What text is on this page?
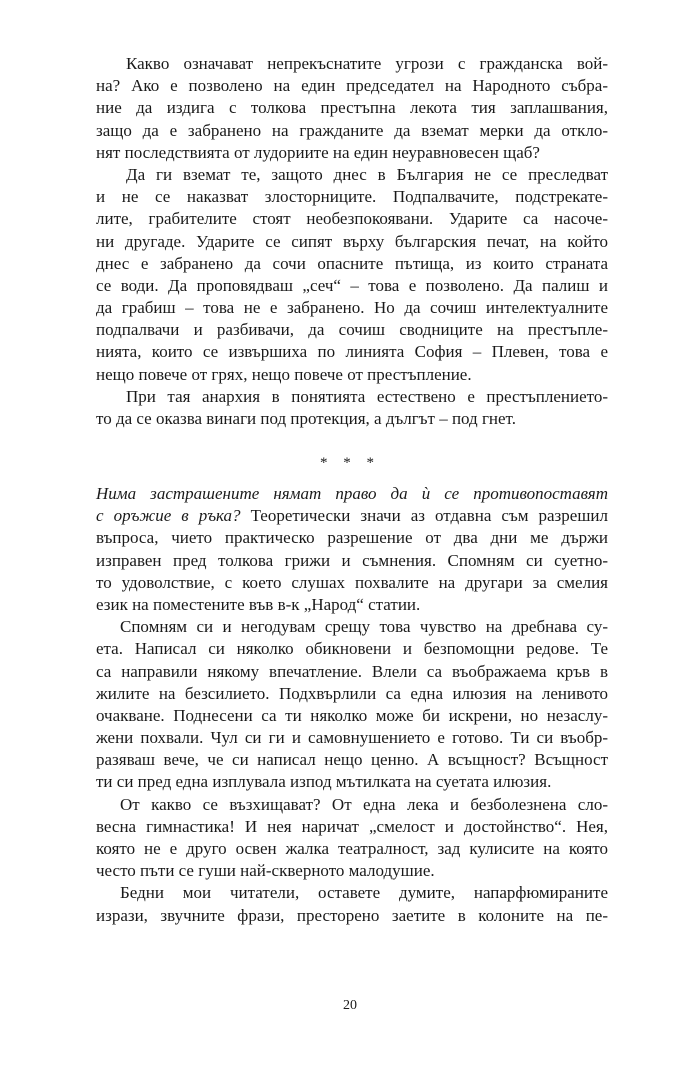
Какво означават непрекъснатите угрози с гражданска вой-
на? Ако е позволено на един председател на Народното събра-
ние да издига с толкова престъпна лекота тия заплашвания,
защо да е забранено на гражданите да вземат мерки да откло-
нят последствията от лудориите на един неуравновесен щаб?
Да ги вземат те, защото днес в България не се преследват
и не се наказват злосторниците. Подпалвачите, подстрекате-
лите, грабителите стоят необезпокоявани. Ударите са насоче-
ни другаде. Ударите се сипят върху българския печат, на който
днес е забранено да сочи опасните пътища, из които страната
се води. Да проповядваш „сеч“ – това е позволено. Да палиш и
да грабиш – това не е забранено. Но да сочиш интелектуалните
подпалвачи и разбивачи, да сочиш сводниците на престъпле-
нията, които се извършиха по линията София – Плевен, това е
нещо повече от грях, нещо повече от престъпление.
При тая анархия в понятията естествено е престъплението-
то да се оказва винаги под протекция, а дългът – под гнет.
* * *
Нима застрашените нямат право да ѝ се противопоставят
с оръжие в ръка? Теоретически значи аз отдавна съм разрешил
въпроса, чието практическо разрешение от два дни ме държи
изправен пред толкова грижи и съмнения. Спомням си суетно-
то удоволствие, с което слушах похвалите на другари за смелия
език на поместените във в-к „Народ“ статии.
Спомням си и негодувам срещу това чувство на дребнава су-
ета. Написал си няколко обикновени и безпомощни редове. Те
са направили някому впечатление. Влели са въображаема кръв в
жилите на безсилието. Подхвърлили са една илюзия на ленивото
очакване. Поднесени са ти няколко може би искрени, но незаслу-
жени похвали. Чул си ги и самовнушението е готово. Ти си въобр-
разяваш вече, че си написал нещо ценно. А всъщност? Всъщност
ти си пред една изплувала изпод мътилката на суетата илюзия.
От какво се възхищават? От една лека и безболезнена сло-
весна гимнастика! И нея наричат „смелост и достойнство“. Нея,
която не е друго освен жалка театралност, зад кулисите на която
често пъти се гуши най-скверното малодушие.
Бедни мои читатели, оставете думите, напарфюмираните
изрази, звучните фрази, престорено заетите в колоните на пе-
20
